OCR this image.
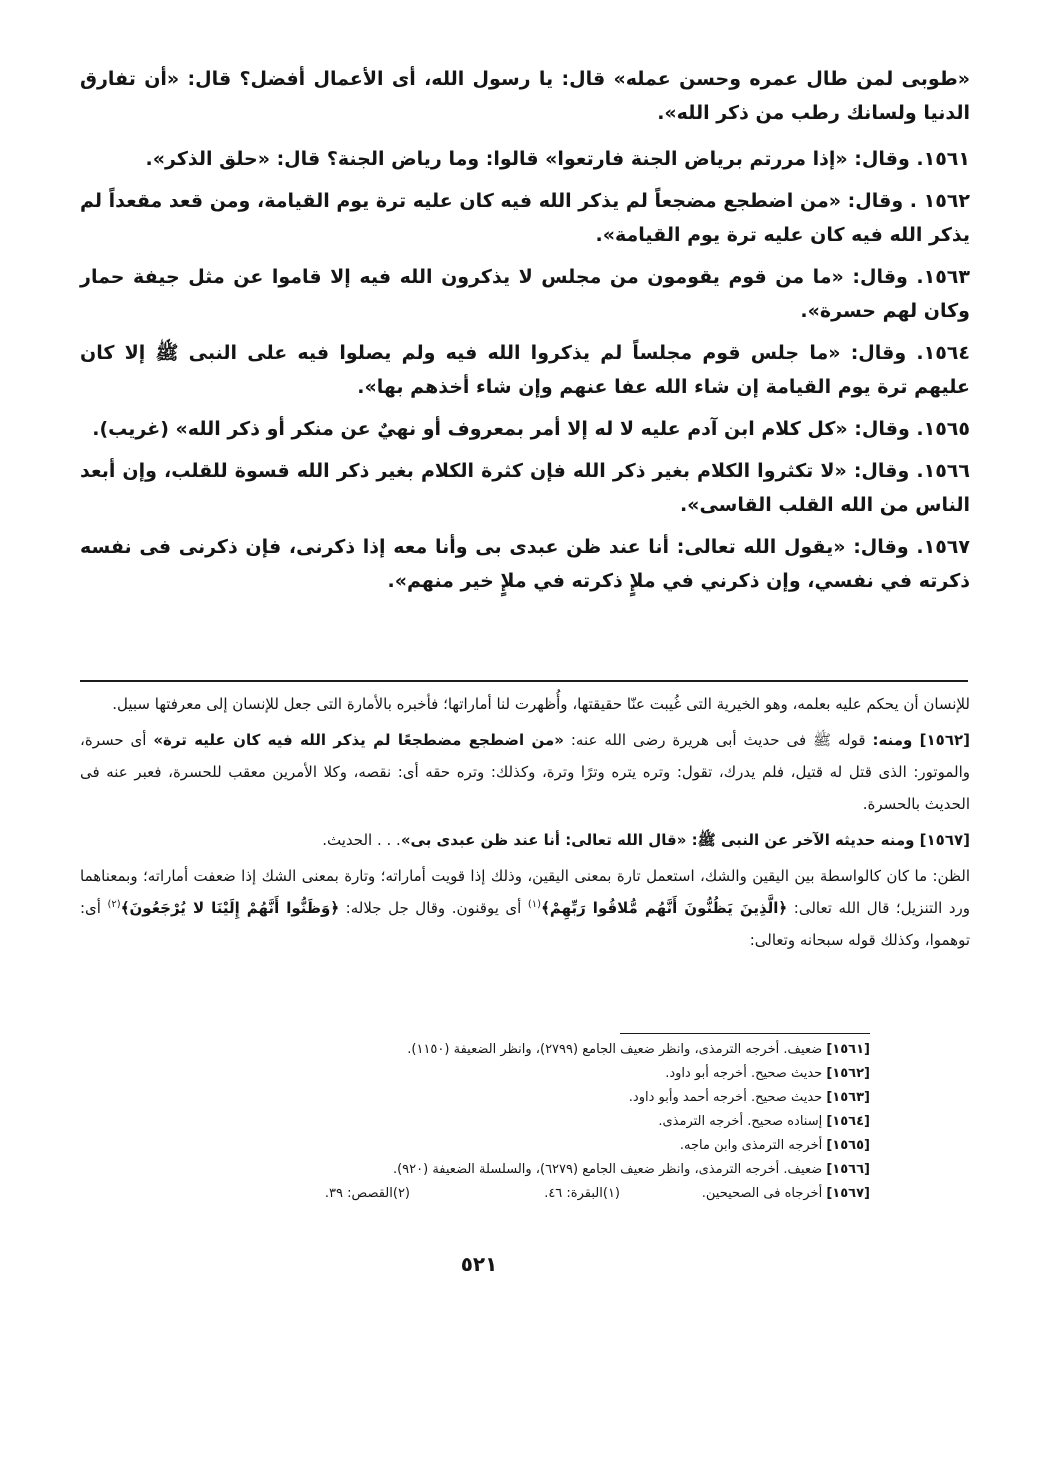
«طوبى لمن طال عمره وحسن عمله» قال: يا رسول الله، أى الأعمال أفضل؟ قال: «أن تفارق الدنيا ولسانك رطب من ذكر الله».

١٥٦١. وقال: «إذا مررتم برياض الجنة فارتعوا» قالوا: وما رياض الجنة؟ قال: «حلق الذكر».

١٥٦٢ . وقال: «من اضطجع مضجعاً لم يذكر الله فيه كان عليه ترة يوم القيامة، ومن قعد مقعداً لم يذكر الله فيه كان عليه ترة يوم القيامة».

١٥٦٣. وقال: «ما من قوم يقومون من مجلس لا يذكرون الله فيه إلا قاموا عن مثل جيفة حمار وكان لهم حسرة».

١٥٦٤. وقال: «ما جلس قوم مجلساً لم يذكروا الله فيه ولم يصلوا فيه على النبى ﷺ إلا كان عليهم ترة يوم القيامة إن شاء الله عفا عنهم وإن شاء أخذهم بها».

١٥٦٥. وقال: «كل كلام ابن آدم عليه لا له إلا أمر بمعروف أو نهيٌ عن منكر أو ذكر الله» (غريب).

١٥٦٦. وقال: «لا تكثروا الكلام بغير ذكر الله فإن كثرة الكلام بغير ذكر الله قسوة للقلب، وإن أبعد الناس من الله القلب القاسى».

١٥٦٧. وقال: «يقول الله تعالى: أنا عند ظن عبدى بى وأنا معه إذا ذكرنى، فإن ذكرنى فى نفسه ذكرته في نفسي، وإن ذكرني في ملإٍ ذكرته في ملإٍ خير منهم».

للإنسان أن يحكم عليه بعلمه، وهو الخيرية التى غُيبت عنّا حقيقتها، وأُظهرت لنا أماراتها؛ فأخبره بالأمارة التى جعل للإنسان إلى معرفتها سبيل.

[١٥٦٢] ومنه: قوله ﷺ فى حديث أبى هريرة رضى الله عنه: «من اضطجع مضطجعًا لم يذكر الله فيه كان عليه ترة» أى حسرة، والموتور: الذى قتل له قتيل، فلم يدرك، تقول: وتره يتره وترًا وترة، وكذلك: وتره حقه أى: نقصه، وكلا الأمرين معقب للحسرة، فعبر عنه فى الحديث بالحسرة.

[١٥٦٧] ومنه حديثه الآخر عن النبى ﷺ: «قال الله تعالى: أنا عند ظن عبدى بى». . . الحديث.

الظن: ما كان كالواسطة بين اليقين والشك، استعمل تارة بمعنى اليقين، وذلك إذا قويت أماراته؛ وتارة بمعنى الشك إذا ضعفت أماراته؛ وبمعناهما ورد التنزيل؛ قال الله تعالى: ﴿الَّذِينَ يَظُنُّونَ أَنَّهُم مُّلاقُوا رَبِّهِمْ﴾$^{(١)}$ أى يوقنون. وقال جل جلاله: ﴿وَظَنُّوا أَنَّهُمْ إِلَيْنَا لا يُرْجَعُونَ﴾$^{(٢)}$ أى: توهموا، وكذلك قوله سبحانه وتعالى:

[١٥٦١] ضعيف. أخرجه الترمذى، وانظر ضعيف الجامع (٢٧٩٩)، وانظر الضعيفة (١١٥٠).
[١٥٦٢] حديث صحيح. أخرجه أبو داود.
[١٥٦٣] حديث صحيح. أخرجه أحمد وأبو داود.
[١٥٦٤] إسناده صحيح. أخرجه الترمذى.
[١٥٦٥] أخرجه الترمذى وابن ماجه.
[١٥٦٦] ضعيف. أخرجه الترمذى، وانظر ضعيف الجامع (٦٢٧٩)، والسلسلة الضعيفة (٩٢٠).
[١٥٦٧] أخرجاه فى الصحيحين.
(١)البقرة: ٤٦.
(٢)القصص: ٣٩.
٥٢١
